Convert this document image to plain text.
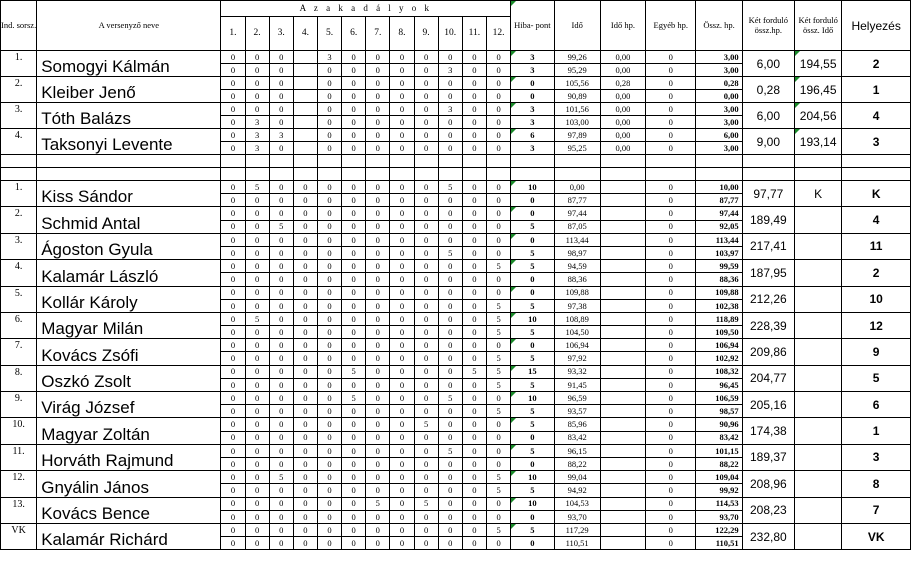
Ind. sorsz.	A versenyző neve	A z a k a d á l y o k												Hiba- pont	Idő	Idő hp.	Egyéb hp.	Össz. hp.	Két forduló össz.hp.	Két forduló össz. Idő	Helyezés
		1.	2.	3.	4.	5.	6.	7.	8.	9.	10.	11.	12.								
1.	Somogyi Kálmán	0	0	0		3	0	0	0	0	0	0	0	3	99,26	0,00	0	3,00	6,00	194,55	2
		0	0	0		0	0	0	0	0	3	0	0	3	95,29	0,00	0	3,00			
2.	Kleiber Jenő	0	0	0		0	0	0	0	0	0	0	0	0	105,56	0,28	0	0,28	0,28	196,45	1
		0	0	0		0	0	0	0	0	0	0	0	0	90,89	0,00	0	0,00			
3.	Tóth Balázs	0	0	0		0	0	0	0	0	3	0	0	3	101,56	0,00	0	3,00	6,00	204,56	4
		0	3	0		0	0	0	0	0	0	0	0	3	103,00	0,00	0	3,00			
4.	Taksonyi Levente	0	3	3		0	0	0	0	0	0	0	0	6	97,89	0,00	0	6,00	9,00	193,14	3
		0	3	0		0	0	0	0	0	0	0	0	3	95,25	0,00	0	3,00			

1.	Kiss Sándor	0	5	0	0	0	0	0	0	0	5	0	0	10	0,00		0	10,00	97,77	K	K
		0	0	0	0	0	0	0	0	0	0	0	0	0	87,77		0	87,77			
2.	Schmid Antal	0	0	0	0	0	0	0	0	0	0	0	0	0	97,44		0	97,44	189,49		4
		0	0	5	0	0	0	0	0	0	0	0	0	5	87,05		0	92,05			
3.	Ágoston Gyula	0	0	0	0	0	0	0	0	0	0	0	0	0	113,44		0	113,44	217,41		11
		0	0	0	0	0	0	0	0	0	5	0	0	5	98,97		0	103,97			
4.	Kalamár László	0	0	0	0	0	0	0	0	0	0	0	5	5	94,59		0	99,59	187,95		2
		0	0	0	0	0	0	0	0	0	0	0	0	0	88,36		0	88,36			
5.	Kollár Károly	0	0	0	0	0	0	0	0	0	0	0	0	0	109,88		0	109,88	212,26		10
		0	0	0	0	0	0	0	0	0	0	0	5	5	97,38		0	102,38			
6.	Magyar Milán	0	5	0	0	0	0	0	0	0	0	0	5	10	108,89		0	118,89	228,39		12
		0	0	0	0	0	0	0	0	0	0	0	5	5	104,50		0	109,50			
7.	Kovács Zsófi	0	0	0	0	0	0	0	0	0	0	0	0	0	106,94		0	106,94	209,86		9
		0	0	0	0	0	0	0	0	0	0	0	5	5	97,92		0	102,92			
8.	Oszkó Zsolt	0	0	0	0	0	5	0	0	0	0	5	5	15	93,32		0	108,32	204,77		5
		0	0	0	0	0	0	0	0	0	0	0	5	5	91,45		0	96,45			
9.	Virág József	0	0	0	0	0	5	0	0	0	5	0	0	10	96,59		0	106,59	205,16		6
		0	0	0	0	0	0	0	0	0	0	0	5	5	93,57		0	98,57			
10.	Magyar Zoltán	0	0	0	0	0	0	0	0	5	0	0	0	5	85,96		0	90,96	174,38		1
		0	0	0	0	0	0	0	0	0	0	0	0	0	83,42		0	83,42			
11.	Horváth Rajmund	0	0	0	0	0	0	0	0	0	5	0	0	5	96,15		0	101,15	189,37		3
		0	0	0	0	0	0	0	0	0	0	0	0	0	88,22		0	88,22			
12.	Gnyálin János	0	0	5	0	0	0	0	0	0	0	0	5	10	99,04		0	109,04	208,96		8
		0	0	0	0	0	0	0	0	0	0	0	5	5	94,92		0	99,92			
13.	Kovács Bence	0	0	0	0	0	0	5	0	5	0	0	0	10	104,53		0	114,53	208,23		7
		0	0	0	0	0	0	0	0	0	0	0	0	0	93,70		0	93,70			
VK	Kalamár Richárd	0	0	0	0	0	0	0	0	0	0	0	5	5	117,29		0	122,29	232,80		VK
		0	0	0	0	0	0	0	0	0	0	0	0	0	110,51		0	110,51			
